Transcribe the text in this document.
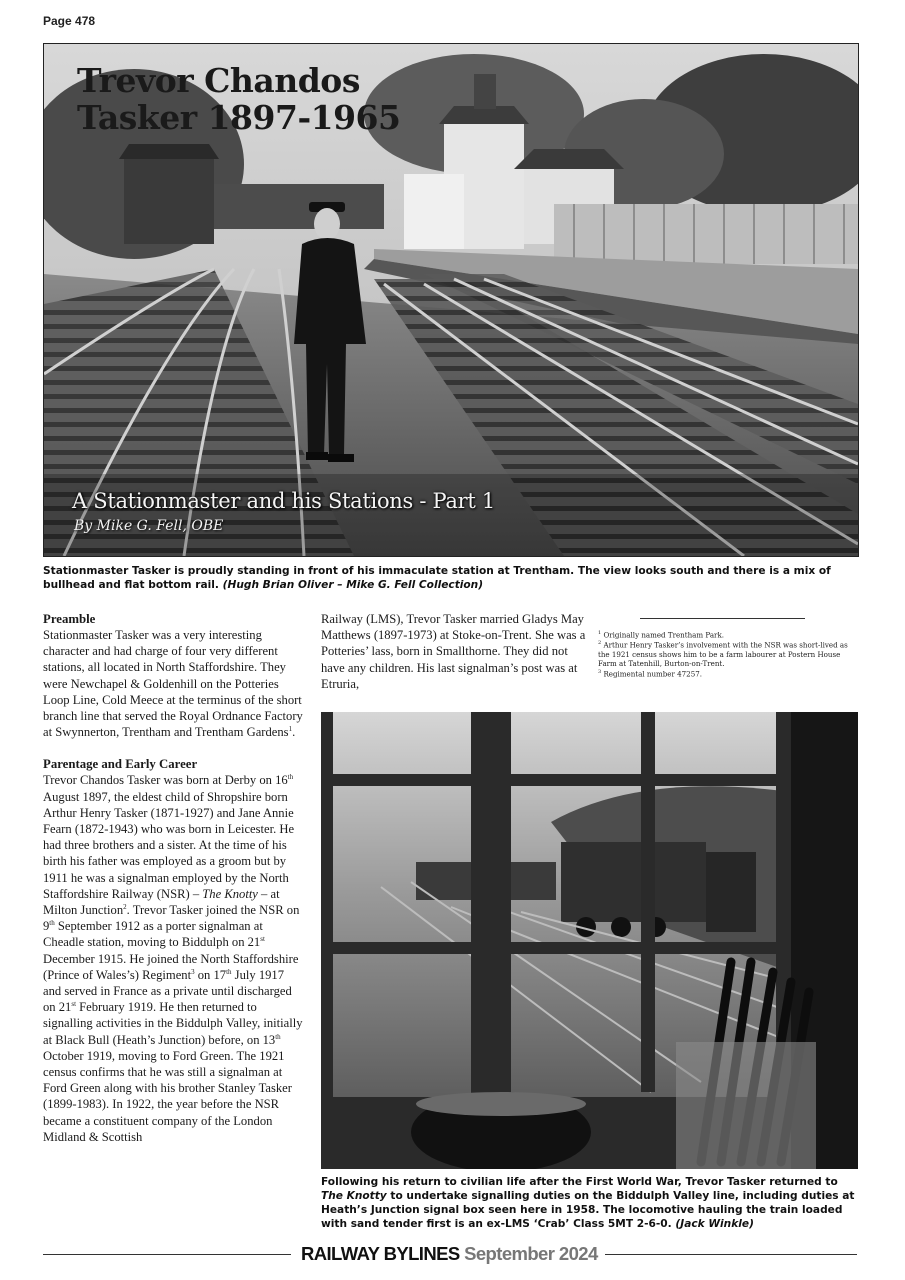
Page 478
Trevor Chandos
Tasker 1897-1965
A Stationmaster and his Stations - Part 1
By Mike G. Fell, OBE
Stationmaster Tasker is proudly standing in front of his immaculate station at Trentham. The view looks south and there is a mix of bullhead and flat bottom rail. (Hugh Brian Oliver – Mike G. Fell Collection)
Preamble

Stationmaster Tasker was a very interesting character and had charge of four very different stations, all located in North Staffordshire. They were Newchapel & Goldenhill on the Potteries Loop Line, Cold Meece at the terminus of the short branch line that served the Royal Ordnance Factory at Swynnerton, Trentham and Trentham Gardens$^1$.

Parentage and Early Career

Trevor Chandos Tasker was born at Derby on 16th August 1897, the eldest child of Shropshire born Arthur Henry Tasker (1871-1927) and Jane Annie Fearn (1872-1943) who was born in Leicester. He had three brothers and a sister. At the time of his birth his father was employed as a groom but by 1911 he was a signalman employed by the North Staffordshire Railway (NSR) – The Knotty – at Milton Junction$^2$. Trevor Tasker joined the NSR on 9th September 1912 as a porter signalman at Cheadle station, moving to Biddulph on 21st December 1915. He joined the North Staffordshire (Prince of Wales’s) Regiment$^3$ on 17th July 1917 and served in France as a private until discharged on 21st February 1919. He then returned to signalling activities in the Biddulph Valley, initially at Black Bull (Heath’s Junction) before, on 13th October 1919, moving to Ford Green. The 1921 census confirms that he was still a signalman at Ford Green along with his brother Stanley Tasker (1899-1983). In 1922, the year before the NSR became a constituent company of the London Midland & Scottish

Railway (LMS), Trevor Tasker married Gladys May Matthews (1897-1973) at Stoke-on-Trent. She was a Potteries’ lass, born in Smallthorne. They did not have any children. His last signalman’s post was at Etruria,

$^1$ Originally named Trentham Park.
$^2$ Arthur Henry Tasker’s involvement with the NSR was short-lived as the 1921 census shows him to be a farm labourer at Postern House Farm at Tatenhill, Burton-on-Trent.
$^3$ Regimental number 47257.
Following his return to civilian life after the First World War, Trevor Tasker returned to The Knotty to undertake signalling duties on the Biddulph Valley line, including duties at Heath’s Junction signal box seen here in 1958. The locomotive hauling the train loaded with sand tender first is an ex-LMS ‘Crab’ Class 5MT 2-6-0. (Jack Winkle)
RAILWAY BYLINES September 2024
